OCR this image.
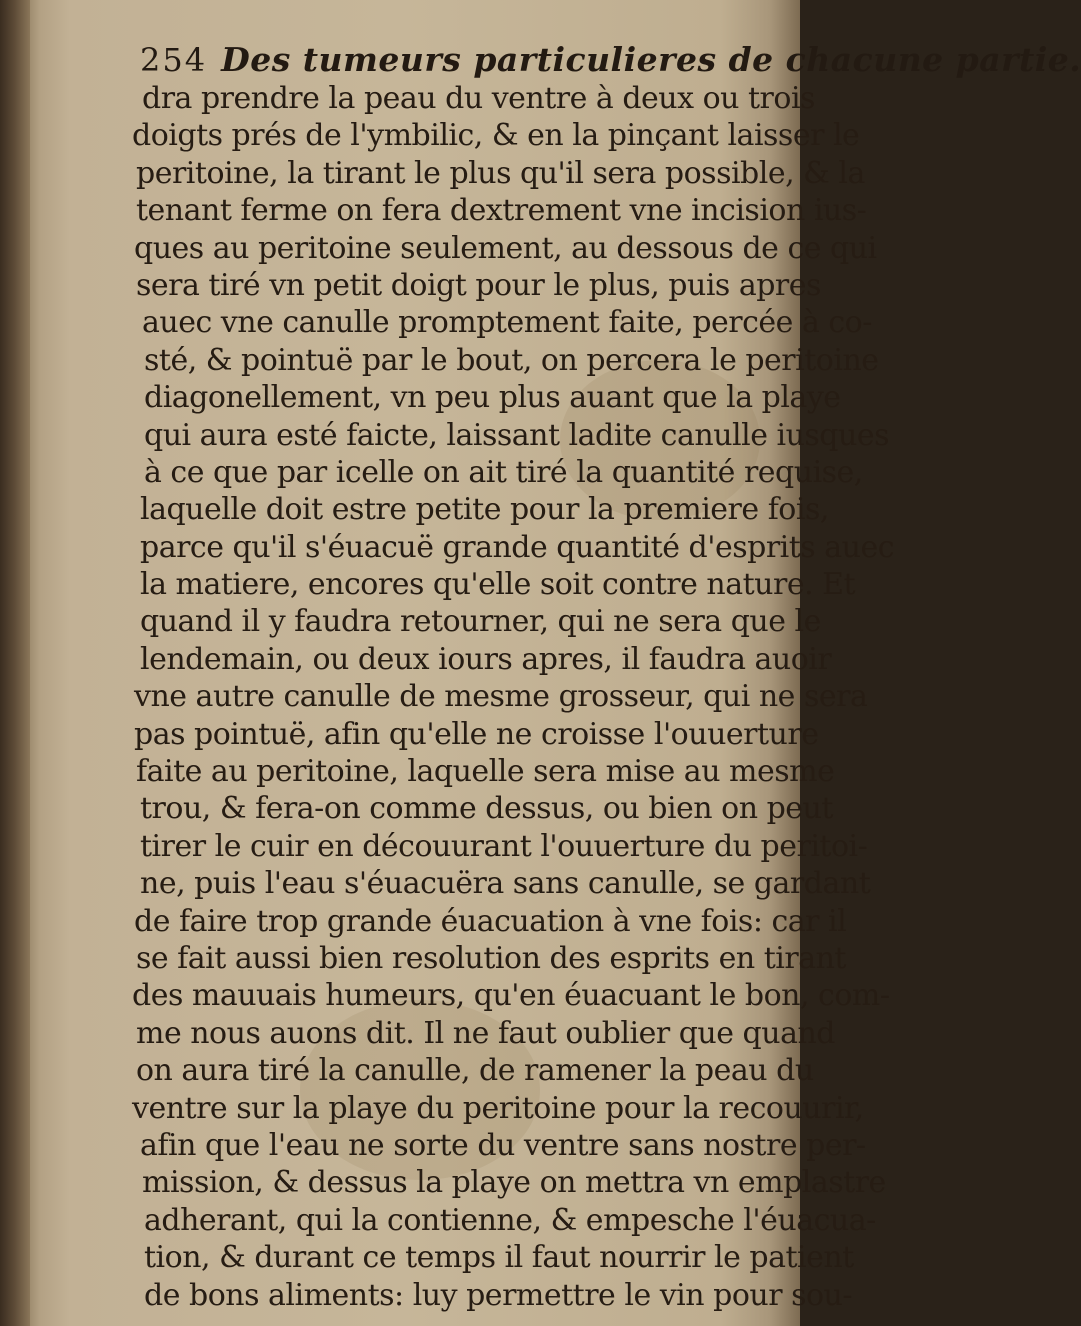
254 Des tumeurs particulieres de chacune partie.
dra prendre la peau du ventre à deux ou trois
doigts prés de l'ymbilic, & en la pinçant laisser le
peritoine, la tirant le plus qu'il sera possible, & la
tenant ferme on fera dextrement vne incision ius-
ques au peritoine seulement, au dessous de ce qui
sera tiré vn petit doigt pour le plus, puis apres
auec vne canulle promptement faite, percée à co-
sté, & pointuë par le bout, on percera le peritoine
diagonellement, vn peu plus auant que la playe
qui aura esté faicte, laissant ladite canulle iusques
à ce que par icelle on ait tiré la quantité requise,
laquelle doit estre petite pour la premiere fois,
parce qu'il s'éuacuë grande quantité d'esprits auec
la matiere, encores qu'elle soit contre nature. Et
quand il y faudra retourner, qui ne sera que le
lendemain, ou deux iours apres, il faudra auoir
vne autre canulle de mesme grosseur, qui ne sera
pas pointuë, afin qu'elle ne croisse l'ouuerture
faite au peritoine, laquelle sera mise au mesme
trou, & fera-on comme dessus, ou bien on peut
tirer le cuir en découurant l'ouuerture du peritoi-
ne, puis l'eau s'éuacuëra sans canulle, se gardant
de faire trop grande éuacuation à vne fois: car il
se fait aussi bien resolution des esprits en tirant
des mauuais humeurs, qu'en éuacuant le bon, com-
me nous auons dit. Il ne faut oublier que quand
on aura tiré la canulle, de ramener la peau du
ventre sur la playe du peritoine pour la recouurir,
afin que l'eau ne sorte du ventre sans nostre per-
mission, & dessus la playe on mettra vn emplastre
adherant, qui la contienne, & empesche l'éuacua-
tion, & durant ce temps il faut nourrir le patient
de bons aliments: luy permettre le vin pour sou-
